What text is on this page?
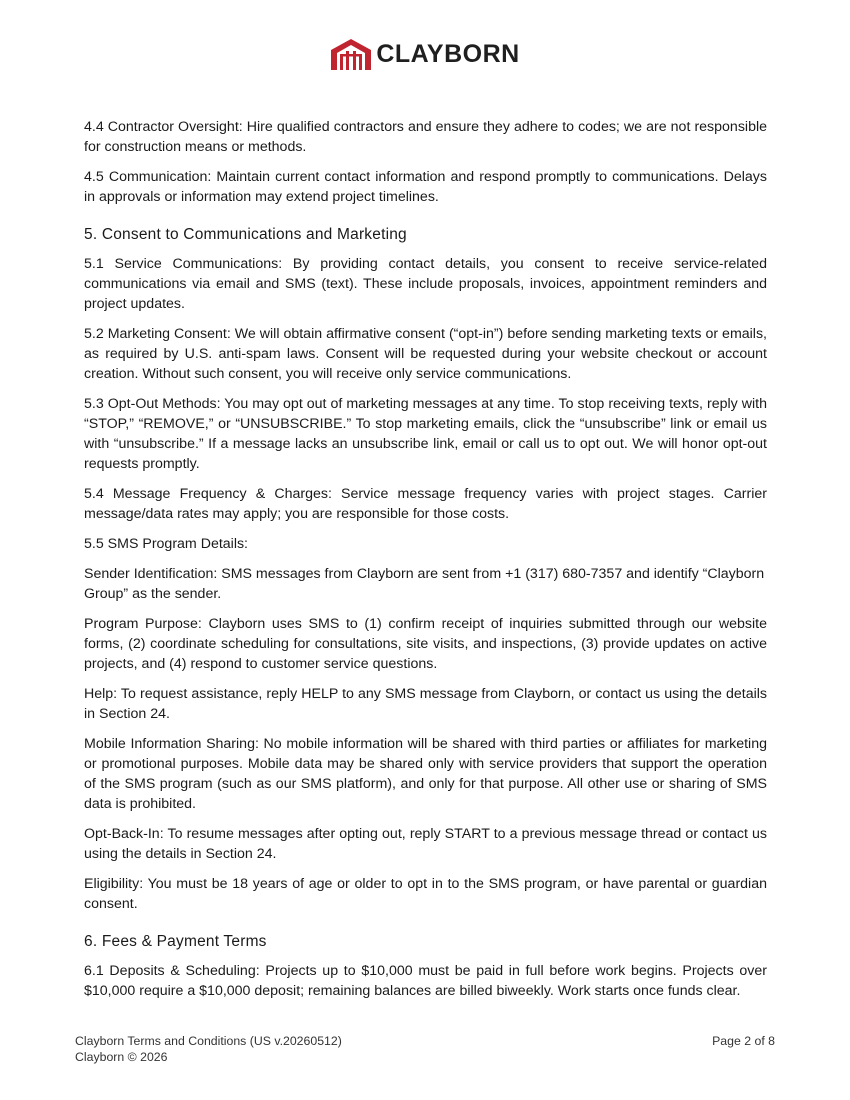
CLAYBORN

4.4 Contractor Oversight: Hire qualified contractors and ensure they adhere to codes; we are not responsible for construction means or methods.

4.5 Communication: Maintain current contact information and respond promptly to communications. Delays in approvals or information may extend project timelines.

5. Consent to Communications and Marketing

5.1 Service Communications: By providing contact details, you consent to receive service-related communications via email and SMS (text). These include proposals, invoices, appointment reminders and project updates.

5.2 Marketing Consent: We will obtain affirmative consent (“opt-in”) before sending marketing texts or emails, as required by U.S. anti-spam laws. Consent will be requested during your website checkout or account creation. Without such consent, you will receive only service communications.

5.3 Opt-Out Methods: You may opt out of marketing messages at any time. To stop receiving texts, reply with “STOP,” “REMOVE,” or “UNSUBSCRIBE.” To stop marketing emails, click the “unsubscribe” link or email us with “unsubscribe.” If a message lacks an unsubscribe link, email or call us to opt out. We will honor opt-out requests promptly.

5.4 Message Frequency & Charges: Service message frequency varies with project stages. Carrier message/data rates may apply; you are responsible for those costs.

5.5 SMS Program Details:

Sender Identification: SMS messages from Clayborn are sent from +1 (317) 680-7357 and identify “Clayborn Group” as the sender.

Program Purpose: Clayborn uses SMS to (1) confirm receipt of inquiries submitted through our website forms, (2) coordinate scheduling for consultations, site visits, and inspections, (3) provide updates on active projects, and (4) respond to customer service questions.

Help: To request assistance, reply HELP to any SMS message from Clayborn, or contact us using the details in Section 24.

Mobile Information Sharing: No mobile information will be shared with third parties or affiliates for marketing or promotional purposes. Mobile data may be shared only with service providers that support the operation of the SMS program (such as our SMS platform), and only for that purpose. All other use or sharing of SMS data is prohibited.

Opt-Back-In: To resume messages after opting out, reply START to a previous message thread or contact us using the details in Section 24.

Eligibility: You must be 18 years of age or older to opt in to the SMS program, or have parental or guardian consent.

6. Fees & Payment Terms

6.1 Deposits & Scheduling: Projects up to $10,000 must be paid in full before work begins. Projects over $10,000 require a $10,000 deposit; remaining balances are billed biweekly. Work starts once funds clear.

Clayborn Terms and Conditions (US v.20260512)
Clayborn © 2026
Page 2 of 8
